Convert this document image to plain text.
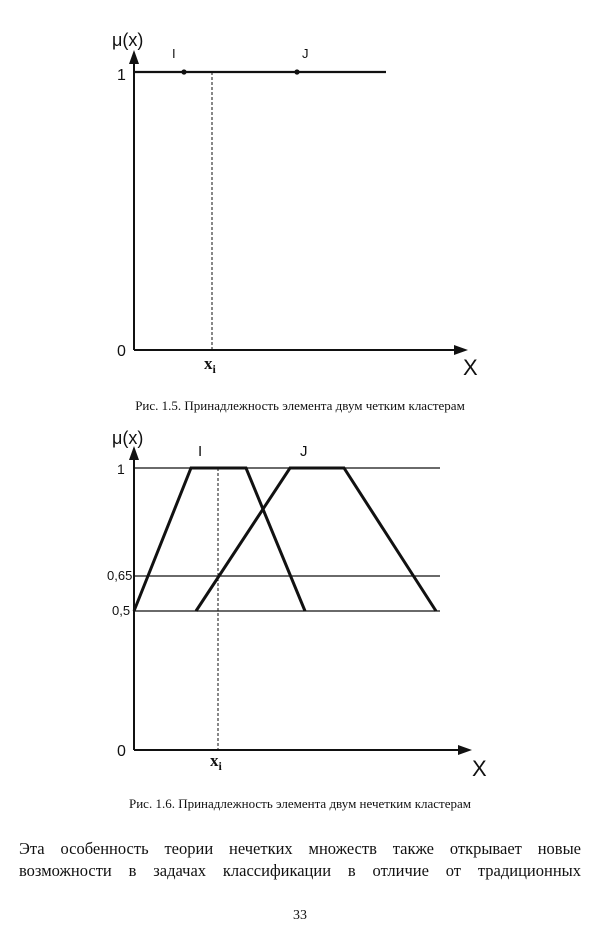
μ(x)
1
0
I	J
X
$x_i$
Рис. 1.5. Принадлежность элемента двум четким кластерам
μ(x)
1
0,65
0,5
0
I	J
X
$x_i$
Рис. 1.6. Принадлежность элемента двум нечетким кластерам
Эта особенность теории нечетких множеств также открывает новые
возможности в задачах классификации в отличие от традиционных
33
